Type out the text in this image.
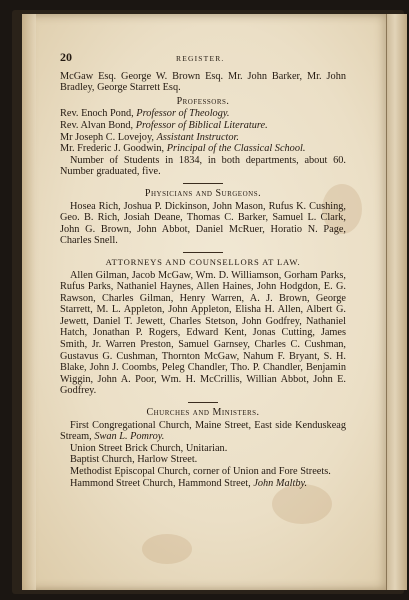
20	REGISTER.

McGaw Esq. George W. Brown Esq. Mr. John Barker, Mr. John Bradley, George Starrett Esq.

Professors.

Rev. Enoch Pond, Professor of Theology.

Rev. Alvan Bond, Professor of Biblical Literature.

Mr Joseph C. Lovejoy, Assistant Instructor.

Mr. Frederic J. Goodwin, Principal of the Classical School.

Number of Students in 1834, in both departments, about 60. Number graduated, five.

Physicians and Surgeons.

Hosea Rich, Joshua P. Dickinson, John Mason, Rufus K. Cushing, Geo. B. Rich, Josiah Deane, Thomas C. Barker, Samuel L. Clark, John G. Brown, John Abbot, Daniel McRuer, Horatio N. Page, Charles Snell.

ATTORNEYS AND COUNSELLORS AT LAW.

Allen Gilman, Jacob McGaw, Wm. D. Williamson, Gorham Parks, Rufus Parks, Nathaniel Haynes, Allen Haines, John Hodgdon, E. G. Rawson, Charles Gilman, Henry Warren, A. J. Brown, George Starrett, M. L. Appleton, John Appleton, Elisha H. Allen, Albert G. Jewett, Daniel T. Jewett, Charles Stetson, John Godfrey, Nathaniel Hatch, Jonathan P. Rogers, Edward Kent, Jonas Cutting, James Smith, Jr. Warren Preston, Samuel Garnsey, Charles C. Cushman, Gustavus G. Cushman, Thornton McGaw, Nahum F. Bryant, S. H. Blake, John J. Coombs, Peleg Chandler, Tho. P. Chandler, Benjamin Wiggin, John A. Poor, Wm. H. McCrillis, Willian Abbot, John E. Godfrey.

Churches and Ministers.

First Congregational Church, Maine Street, East side Kenduskeag Stream, Swan L. Pomroy.

Union Street Brick Church, Unitarian.

Baptist Church, Harlow Street.

Methodist Episcopal Church, corner of Union and Fore Streets.

Hammond Street Church, Hammond Street, John Maltby.
